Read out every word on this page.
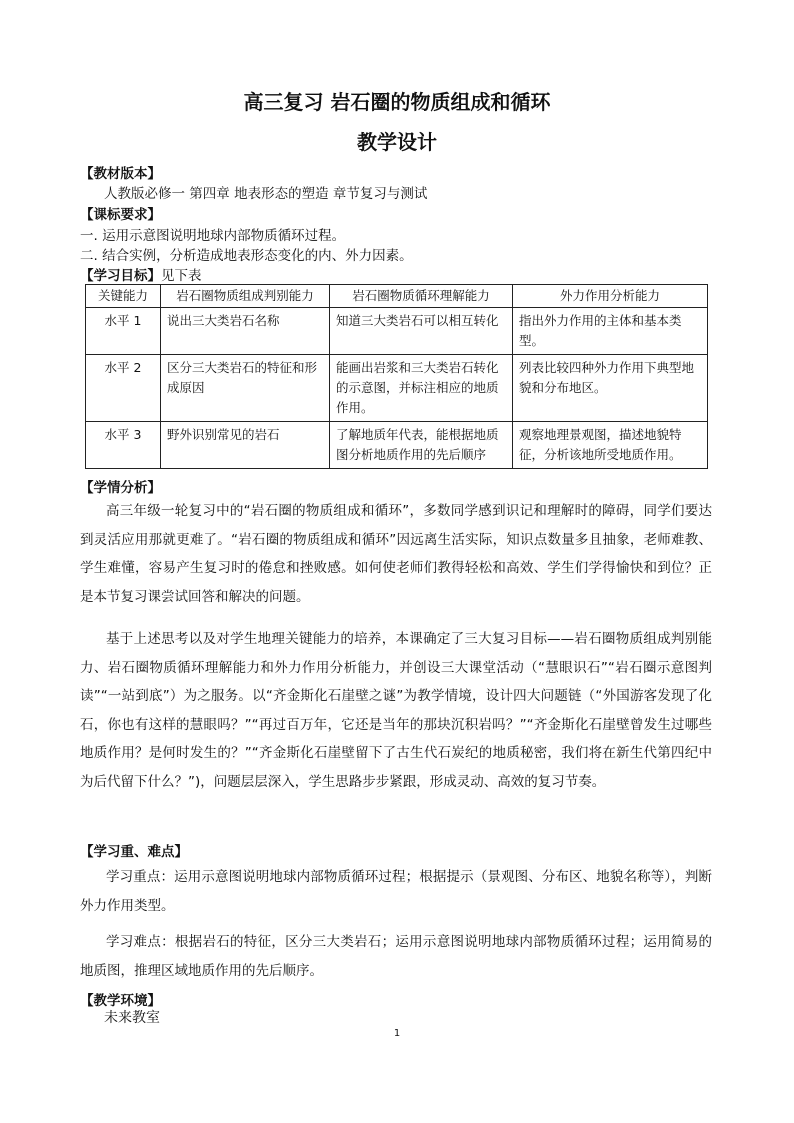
高三复习 岩石圈的物质组成和循环
教学设计
【教材版本】
人教版必修一 第四章 地表形态的塑造 章节复习与测试
【课标要求】
一. 运用示意图说明地球内部物质循环过程。
二. 结合实例，分析造成地表形态变化的内、外力因素。
【学习目标】见下表
关键能力	岩石圈物质组成判别能力	岩石圈物质循环理解能力	外力作用分析能力
水平 1	说出三大类岩石名称	知道三大类岩石可以相互转化	指出外力作用的主体和基本类型。
水平 2	区分三大类岩石的特征和形成原因	能画出岩浆和三大类岩石转化的示意图，并标注相应的地质作用。	列表比较四种外力作用下典型地貌和分布地区。
水平 3	野外识别常见的岩石	了解地质年代表，能根据地质图分析地质作用的先后顺序	观察地理景观图，描述地貌特征，分析该地所受地质作用。
【学情分析】
高三年级一轮复习中的“岩石圈的物质组成和循环”，多数同学感到识记和理解时的障碍，同学们要达到灵活应用那就更难了。“岩石圈的物质组成和循环”因远离生活实际，知识点数量多且抽象，老师难教、学生难懂，容易产生复习时的倦怠和挫败感。如何使老师们教得轻松和高效、学生们学得愉快和到位？正是本节复习课尝试回答和解决的问题。
基于上述思考以及对学生地理关键能力的培养，本课确定了三大复习目标——岩石圈物质组成判别能力、岩石圈物质循环理解能力和外力作用分析能力，并创设三大课堂活动（“慧眼识石”“岩石圈示意图判读”“一站到底”）为之服务。以“齐金斯化石崖壁之谜”为教学情境，设计四大问题链（“外国游客发现了化石，你也有这样的慧眼吗？”“再过百万年，它还是当年的那块沉积岩吗？”“齐金斯化石崖壁曾发生过哪些地质作用？是何时发生的？”“齐金斯化石崖壁留下了古生代石炭纪的地质秘密，我们将在新生代第四纪中为后代留下什么？”)，问题层层深入，学生思路步步紧跟，形成灵动、高效的复习节奏。
【学习重、难点】
学习重点：运用示意图说明地球内部物质循环过程；根据提示（景观图、分布区、地貌名称等），判断外力作用类型。
学习难点：根据岩石的特征，区分三大类岩石；运用示意图说明地球内部物质循环过程；运用简易的地质图，推理区域地质作用的先后顺序。
【教学环境】
未来教室
1
